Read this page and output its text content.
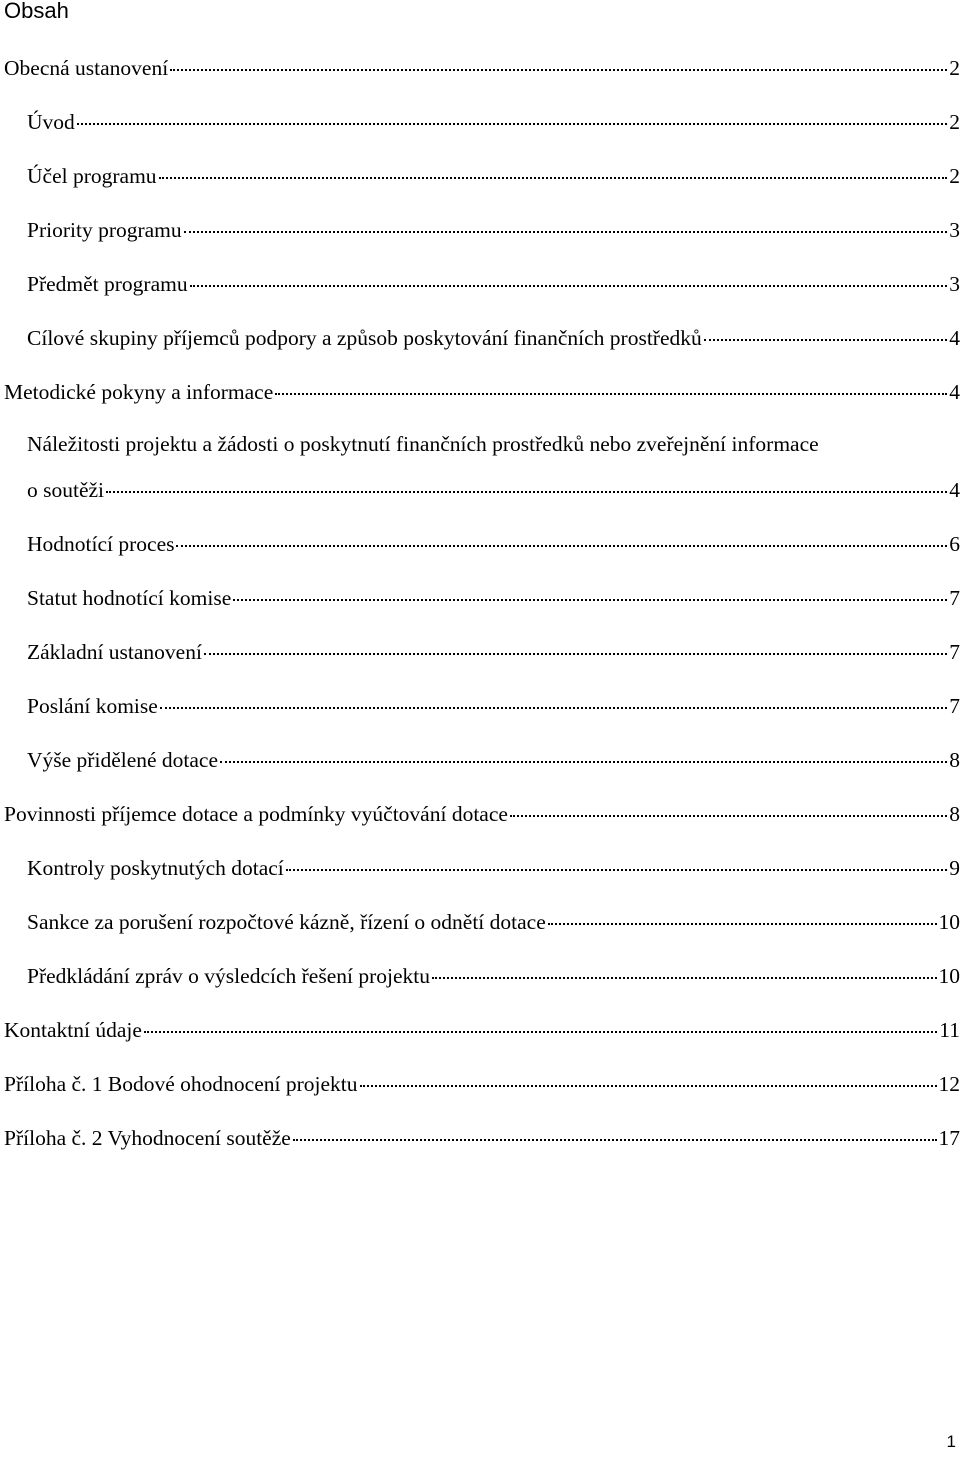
Obsah
Obecná ustanovení	2
Úvod	2
Účel programu	2
Priority programu	3
Předmět programu	3
Cílové skupiny příjemců podpory a způsob poskytování finančních prostředků	4
Metodické pokyny a informace	4
Náležitosti projektu a žádosti o poskytnutí finančních prostředků nebo zveřejnění informace
o soutěži	4
Hodnotící proces	6
Statut hodnotící komise	7
Základní ustanovení	7
Poslání komise	7
Výše přidělené dotace	8
Povinnosti příjemce dotace a podmínky vyúčtování dotace	8
Kontroly poskytnutých dotací	9
Sankce za porušení rozpočtové kázně, řízení o odnětí dotace	10
Předkládání zpráv o výsledcích řešení projektu	10
Kontaktní údaje	11
Příloha č. 1 Bodové ohodnocení projektu	12
Příloha č. 2 Vyhodnocení soutěže	17
1
